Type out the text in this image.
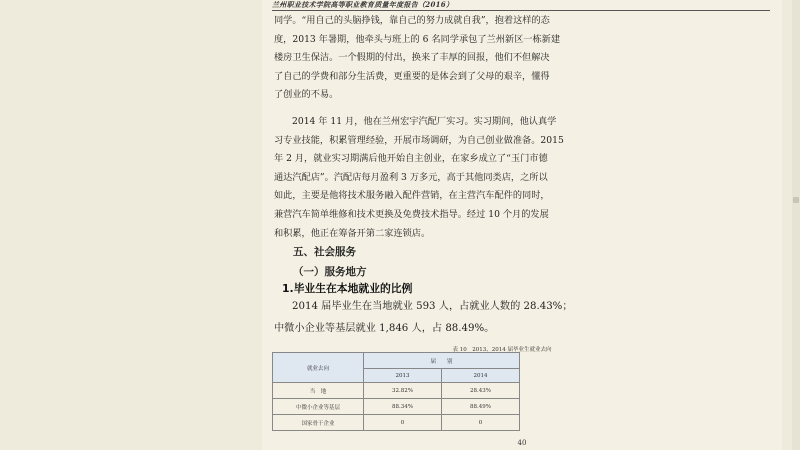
兰州职业技术学院高等职业教育质量年度报告（2016）
同学。“用自己的头脑挣钱，靠自己的努力成就自我”，抱着这样的态
度，2013 年暑期，他牵头与班上的 6 名同学承包了兰州新区一栋新建
楼房卫生保洁。一个假期的付出，换来了丰厚的回报，他们不但解决
了自己的学费和部分生活费，更重要的是体会到了父母的艰辛，懂得
了创业的不易。
2014 年 11 月，他在兰州宏宇汽配厂实习。实习期间，他认真学
习专业技能，积累管理经验，开展市场调研，为自己创业做准备。2015
年 2 月，就业实习期满后他开始自主创业，在家乡成立了“玉门市德
通达汽配店”。汽配店每月盈利 3 万多元，高于其他同类店，之所以
如此，主要是他将技术服务融入配件营销，在主营汽车配件的同时，
兼营汽车简单维修和技术更换及免费技术指导。经过 10 个月的发展
和积累，他正在筹备开第二家连锁店。
五、社会服务
（一）服务地方
1.毕业生在本地就业的比例
2014 届毕业生在当地就业 593 人，占就业人数的 28.43%；
中微小企业等基层就业 1,846 人，占 88.49%。
表 10　2013、2014 届毕业生就业去向
就业去向	届　　别	
	2013	2014
当　地	32.82%	28.43%
中微小企业等基层	88.34%	88.49%
国家骨干企业	0	0
40
